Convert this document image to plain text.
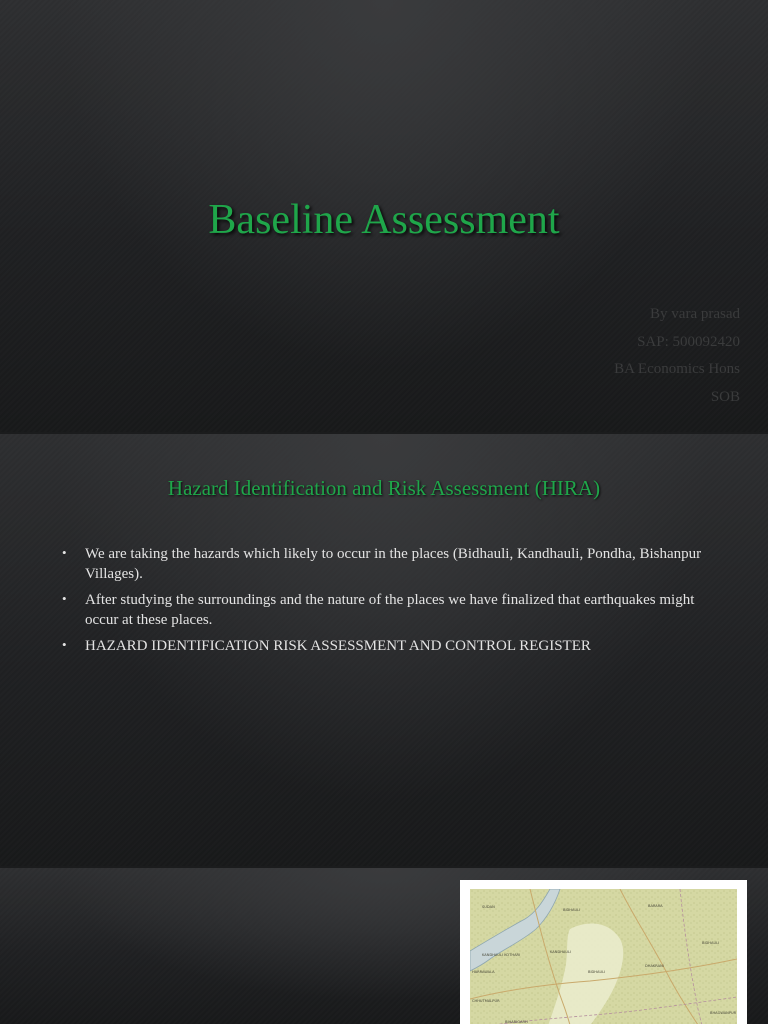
Baseline Assessment
By vara prasad
SAP: 500092420
BA Economics Hons
SOB
Hazard Identification and Risk Assessment (HIRA)
• We are taking the hazards which likely to occur in the places (Bidhauli, Kandhauli, Pondha, Bishanpur Villages).
• After studying the surroundings and the nature of the places we have finalized that earthquakes might occur at these places.
• HAZARD IDENTIFICATION RISK ASSESSMENT AND CONTROL REGISTER
SUDAN
BIDHAULI
BARARA
BIDHAULI
KANDHAULI
KANDHAULI KOTHARI
BIDHAULI
HARRAWALA
DHAKRANI
CHHUTMALPUR
BIHARIGARH
BHAGWANPUR
